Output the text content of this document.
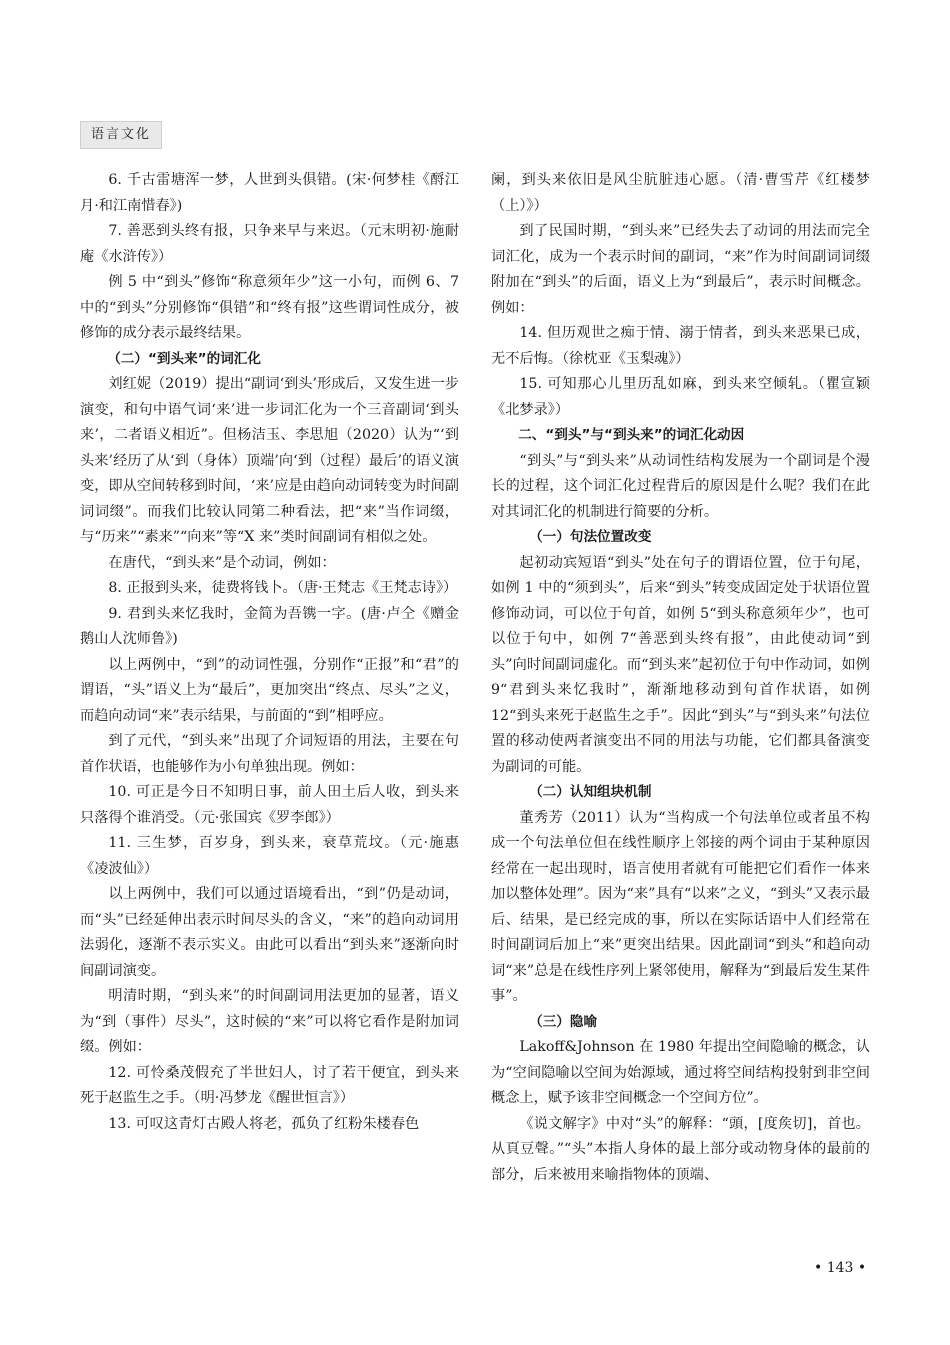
语言文化

6. 千古雷塘浑一梦，人世到头俱错。(宋·何梦桂《酹江月·和江南惜春》)

7. 善恶到头终有报，只争来早与来迟。（元末明初·施耐庵《水浒传》）

例 5 中“到头”修饰“称意须年少”这一小句，而例 6、7 中的“到头”分别修饰“俱错”和“终有报”这些谓词性成分，被修饰的成分表示最终结果。

（二）“到头来”的词汇化

刘红妮（2019）提出“副词‘到头’形成后，又发生进一步演变，和句中语气词‘来’进一步词汇化为一个三音副词‘到头来’，二者语义相近”。但杨洁玉、李思旭（2020）认为“‘到头来’经历了从‘到（身体）顶端’向‘到（过程）最后’的语义演变，即从空间转移到时间，‘来’应是由趋向动词转变为时间副词词缀”。而我们比较认同第二种看法，把“来”当作词缀，与“历来”“素来”“向来”等“X 来”类时间副词有相似之处。

在唐代，“到头来”是个动词，例如：

8. 正报到头来，徒费将钱卜。（唐·王梵志《王梵志诗》）

9. 君到头来忆我时，金简为吾镌一字。(唐·卢仝《赠金鹅山人沈师鲁》)

以上两例中，“到”的动词性强，分别作“正报”和“君”的谓语，“头”语义上为“最后”，更加突出“终点、尽头”之义，而趋向动词“来”表示结果，与前面的“到”相呼应。

到了元代，“到头来”出现了介词短语的用法，主要在句首作状语，也能够作为小句单独出现。例如：

10. 可正是今日不知明日事，前人田土后人收，到头来只落得个谁消受。（元·张国宾《罗李郎》）

11. 三生梦，百岁身，到头来，衰草荒坟。（元·施惠《凌波仙》）

以上两例中，我们可以通过语境看出，“到”仍是动词，而“头”已经延伸出表示时间尽头的含义，“来”的趋向动词用法弱化，逐渐不表示实义。由此可以看出“到头来”逐渐向时间副词演变。

明清时期，“到头来”的时间副词用法更加的显著，语义为“到（事件）尽头”，这时候的“来”可以将它看作是附加词缀。例如：

12. 可怜桑茂假充了半世妇人，讨了若干便宜，到头来死于赵监生之手。（明·冯梦龙《醒世恒言》）

13. 可叹这青灯古殿人将老，孤负了红粉朱楼春色

阑，到头来依旧是风尘肮脏违心愿。（清·曹雪芹《红楼梦（上）》）

到了民国时期，“到头来”已经失去了动词的用法而完全词汇化，成为一个表示时间的副词，“来”作为时间副词词缀附加在“到头”的后面，语义上为“到最后”，表示时间概念。例如：

14. 但历观世之痴于情、溺于情者，到头来恶果已成，无不后悔。（徐枕亚《玉梨魂》）

15. 可知那心儿里历乱如麻，到头来空倾轧。（瞿宣颖《北梦录》）

二、“到头”与“到头来”的词汇化动因

“到头”与“到头来”从动词性结构发展为一个副词是个漫长的过程，这个词汇化过程背后的原因是什么呢？我们在此对其词汇化的机制进行简要的分析。

（一）句法位置改变

起初动宾短语“到头”处在句子的谓语位置，位于句尾，如例 1 中的“须到头”，后来“到头”转变成固定处于状语位置修饰动词，可以位于句首，如例 5“到头称意须年少”，也可以位于句中，如例 7“善恶到头终有报”，由此使动词“到头”向时间副词虚化。而“到头来”起初位于句中作动词，如例 9“君到头来忆我时”，渐渐地移动到句首作状语，如例 12“到头来死于赵监生之手”。因此“到头”与“到头来”句法位置的移动使两者演变出不同的用法与功能，它们都具备演变为副词的可能。

（二）认知组块机制

董秀芳（2011）认为“当构成一个句法单位或者虽不构成一个句法单位但在线性顺序上邻接的两个词由于某种原因经常在一起出现时，语言使用者就有可能把它们看作一体来加以整体处理”。因为“来”具有“以来”之义，“到头”又表示最后、结果，是已经完成的事，所以在实际话语中人们经常在时间副词后加上“来”更突出结果。因此副词“到头”和趋向动词“来”总是在线性序列上紧邻使用，解释为“到最后发生某件事”。

（三）隐喻

Lakoff&Johnson 在 1980 年提出空间隐喻的概念，认为“空间隐喻以空间为始源域，通过将空间结构投射到非空间概念上，赋予该非空间概念一个空间方位”。

《说文解字》中对“头”的解释：“頭，[度矦切]，首也。从頁豆聲。”“头”本指人身体的最上部分或动物身体的最前的部分，后来被用来喻指物体的顶端、

• 143 •
